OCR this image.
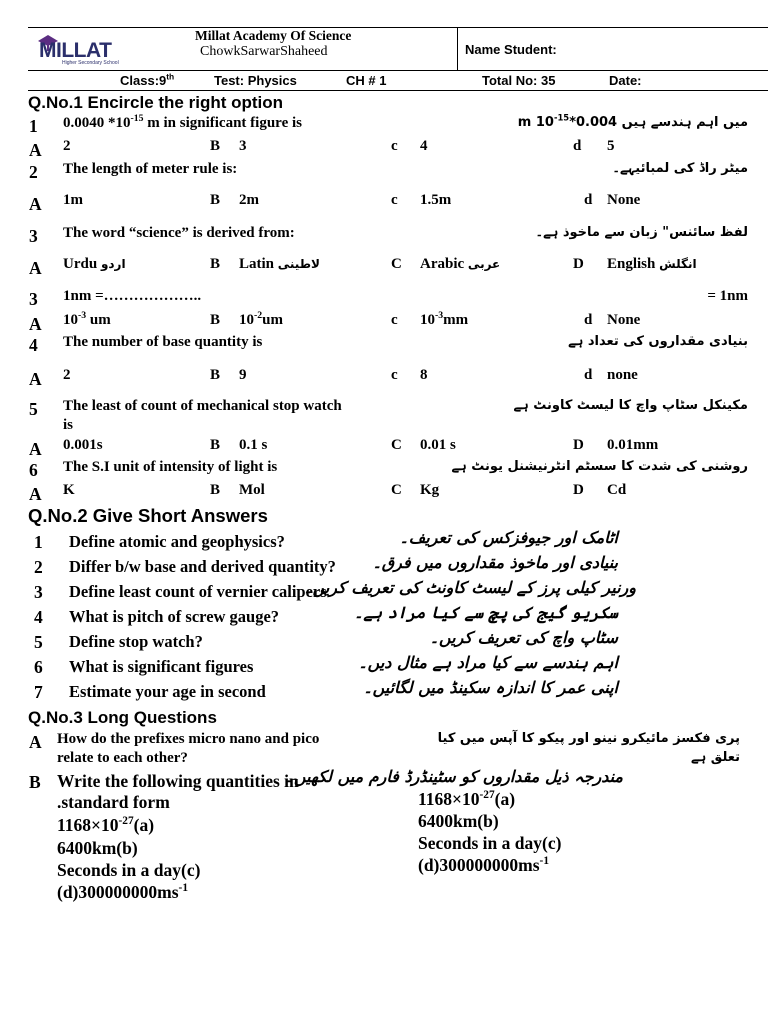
MILLAT
Higher Secondary School
Millat Academy Of Science
ChowkSarwarShaheed	Name Student:
Class:9th	Test: Physics	CH # 1	Total No: 35	Date:
Q.No.1 Encircle the right option
1 0.0040 $*10^{-15}$ m in significant figure is	میں اہم ہندسے ہیں m $10^{-15}*0.004$
A 2	B 3	c 4	d 5
2 The length of meter rule is:	میٹر راڈ کی لمبائیہے۔
A 1m	B 2m	c 1.5m	d None
3 The word “science” is derived from:	لفظ سائنس" زبان سے ماخوذ ہے۔
A Urdu اردو	B Latin لاطینی	C Arabic عربی	D English انگلش
3 1nm =………………..	= 1nm
A $10^{-3}$ um	B $10^{-2}um$	c $10^{-3}mm$	d None
4 The number of base quantity is	بنیادی مقداروں کی تعداد ہے
A 2	B 9	c 8	d none
5 The least of count of mechanical stop watch
is
مکینکل سٹاپ واچ کا لیسٹ کاونٹ ہے
A 0.001s	B 0.1 s	C 0.01 s	D 0.01mm
6 The S.I unit of intensity of light is	روشنی کی شدت کا سسٹم انٹرنیشنل یونٹ ہے
A K	B Mol	C Kg	D Cd
Q.No.2 Give Short Answers
1 Define atomic and geophysics?	اٹامک اور جیوفزکس کی تعریف۔
2 Differ b/w base and derived quantity? بنیادی اور ماخوذ مقداروں میں فرق۔
3 Define least count of vernier calipers
ورنیر کیلی پرز کے لیسٹ کاونٹ کی تعریف کریں۔
4 What is pitch of screw gauge?	سکریو گیج کی پچ سے کیا مراد ہے۔
5 Define stop watch?	سٹاپ واچ کی تعریف کریں۔
6 What is significant figures	اہم ہندسے سے کیا مراد ہے مثال دیں۔
7 Estimate your age in second	اپنی عمر کا اندازہ سکینڈ میں لگائیں۔
Q.No.3 Long Questions
A How do the prefixes micro nano and pico
relate to each other?
پری فکسز مائیکرو نینو اور پیکو کا آپس میں کیا
تعلق ہے
B Write the following quantities in
.standard form
مندرجہ ذیل مقداروں کو سٹینڈرڈ فارم میں لکھیں۔
$1168\times 10^{-27}(a)$
6400km(b)
Seconds in a day(c)
$(d)300000000ms^{-1}$
$1168\times 10^{-27}(a)$
6400km(b)
Seconds in a day(c)
$(d)300000000ms^{-1}$
